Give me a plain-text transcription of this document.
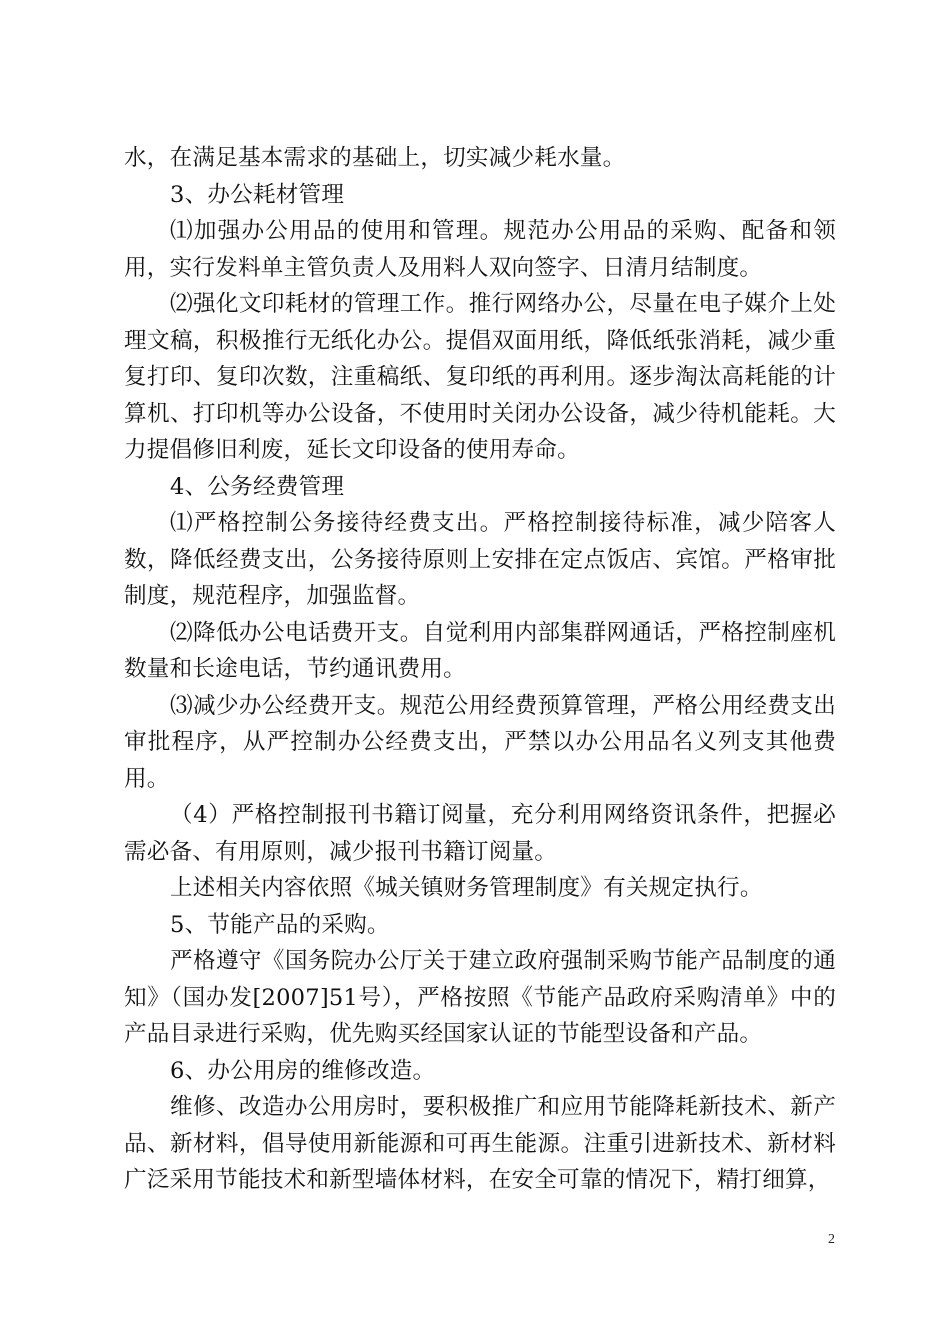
水，在满足基本需求的基础上，切实减少耗水量。

3、办公耗材管理

⑴加强办公用品的使用和管理。规范办公用品的采购、配备和领用，实行发料单主管负责人及用料人双向签字、日清月结制度。

⑵强化文印耗材的管理工作。推行网络办公，尽量在电子媒介上处理文稿，积极推行无纸化办公。提倡双面用纸，降低纸张消耗，减少重复打印、复印次数，注重稿纸、复印纸的再利用。逐步淘汰高耗能的计算机、打印机等办公设备，不使用时关闭办公设备，减少待机能耗。大力提倡修旧利废，延长文印设备的使用寿命。

4、公务经费管理

⑴严格控制公务接待经费支出。严格控制接待标准，减少陪客人数，降低经费支出，公务接待原则上安排在定点饭店、宾馆。严格审批制度，规范程序，加强监督。

⑵降低办公电话费开支。自觉利用内部集群网通话，严格控制座机数量和长途电话，节约通讯费用。

⑶减少办公经费开支。规范公用经费预算管理，严格公用经费支出审批程序，从严控制办公经费支出，严禁以办公用品名义列支其他费用。

（4）严格控制报刊书籍订阅量，充分利用网络资讯条件，把握必需必备、有用原则，减少报刊书籍订阅量。

上述相关内容依照《城关镇财务管理制度》有关规定执行。

5、节能产品的采购。

严格遵守《国务院办公厅关于建立政府强制采购节能产品制度的通知》（国办发[2007]51号），严格按照《节能产品政府采购清单》中的产品目录进行采购，优先购买经国家认证的节能型设备和产品。

6、办公用房的维修改造。

维修、改造办公用房时，要积极推广和应用节能降耗新技术、新产品、新材料，倡导使用新能源和可再生能源。注重引进新技术、新材料广泛采用节能技术和新型墙体材料，在安全可靠的情况下，精打细算，

2
